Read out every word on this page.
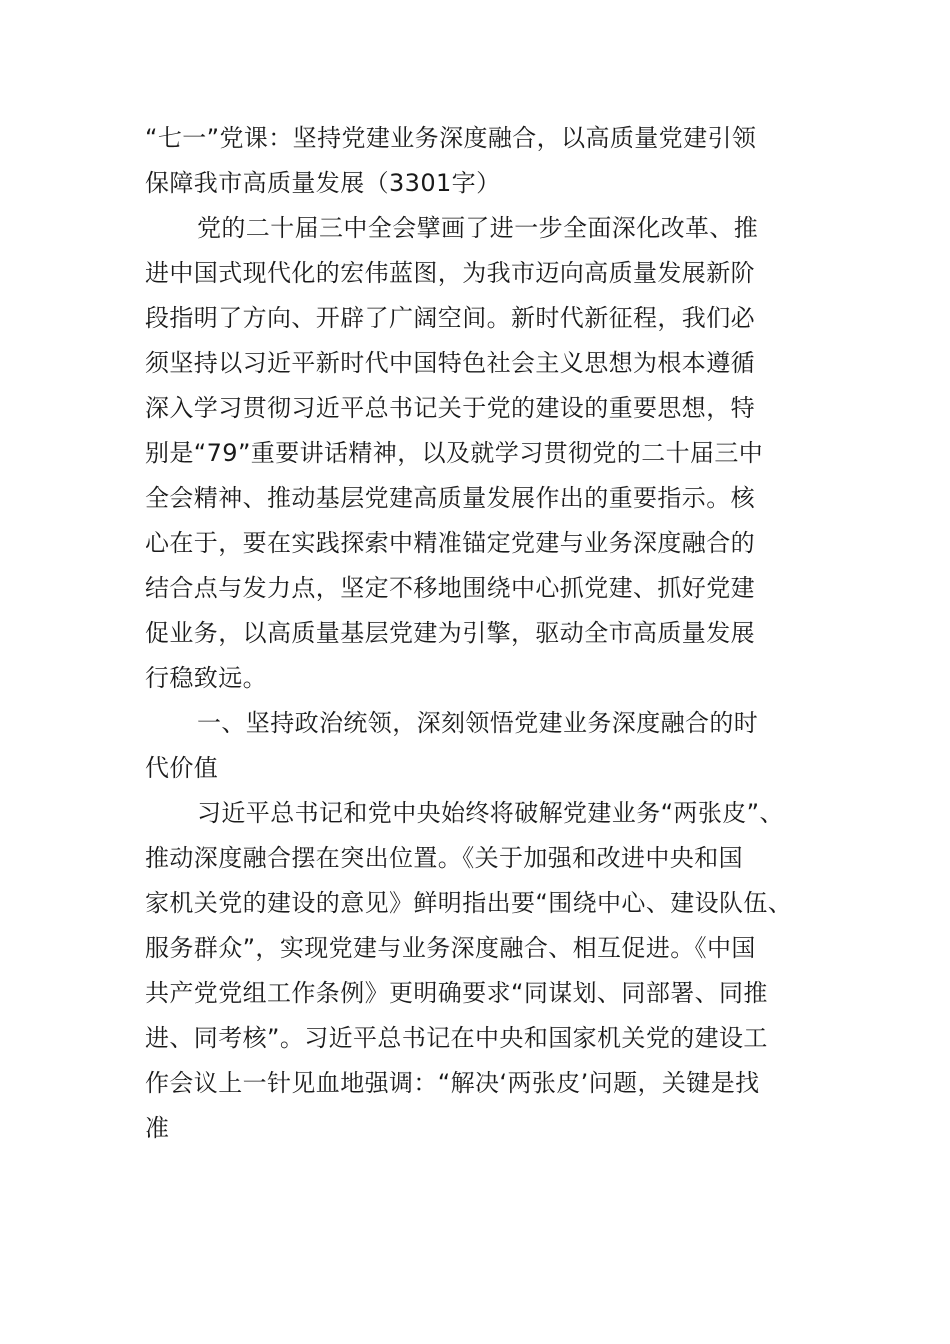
“七一”党课：坚持党建业务深度融合，以高质量党建引领
保障我市高质量发展（3301字）
党的二十届三中全会擘画了进一步全面深化改革、推
进中国式现代化的宏伟蓝图，为我市迈向高质量发展新阶
段指明了方向、开辟了广阔空间。新时代新征程，我们必
须坚持以习近平新时代中国特色社会主义思想为根本遵循
深入学习贯彻习近平总书记关于党的建设的重要思想，特
别是“79”重要讲话精神，以及就学习贯彻党的二十届三中
全会精神、推动基层党建高质量发展作出的重要指示。核
心在于，要在实践探索中精准锚定党建与业务深度融合的
结合点与发力点，坚定不移地围绕中心抓党建、抓好党建
促业务，以高质量基层党建为引擎，驱动全市高质量发展
行稳致远。
一、坚持政治统领，深刻领悟党建业务深度融合的时
代价值
习近平总书记和党中央始终将破解党建业务“两张皮”、
推动深度融合摆在突出位置。《关于加强和改进中央和国
家机关党的建设的意见》鲜明指出要“围绕中心、建设队伍、
服务群众”，实现党建与业务深度融合、相互促进。《中国
共产党党组工作条例》更明确要求“同谋划、同部署、同推
进、同考核”。习近平总书记在中央和国家机关党的建设工
作会议上一针见血地强调：“解决‘两张皮’问题，关键是找
准
